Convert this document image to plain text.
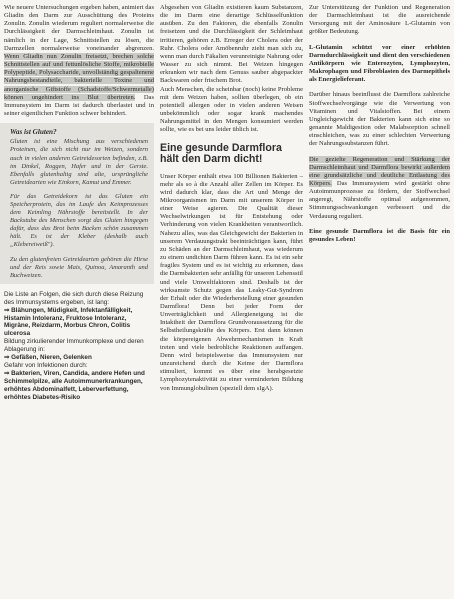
Wie neuere Untersuchungen ergeben haben, animiert das Gliadin den Darm zur Ausschüttung des Proteins Zonulin. Zonulin wiederum reguliert normalerweise die Durchlässigkeit der Darmschleimhaut. Zonulin ist nämlich in der Lage, Schnittstellen zu lösen, die Darmzellen normalerweise voneinander abgrenzen. Wenn Gliadin nun Zonulin freisetzt, brechen solche Schnittstellen auf und fettunlösliche Stoffe, mikrobielle Polypeptide, Polysaccharide, unvollständig gespaltenene Nahrungsbestandteile, bakterielle Toxine und anorganische Giftstoffe (Schadstoffe/Schwermetalle) können ungehindert ins Blut übertreten. Das Immunsystem im Darm ist dadurch überlastet und in seiner eigentlichen Funktion schwer behindert.

Was ist Gluten?

Gluten ist eine Mischung aus verschiedenen Proteinen, die sich nicht nur im Weizen, sondern auch in vielen anderen Getreidesorten befinden, z.B. im Dinkel, Roggen, Hafer und in der Gerste. Ebenfalls glutenhaltig sind alte, ursprüngliche Getreidearten wie Einkorn, Kamut und Emmer.

Für das Getreidekorn ist das Gluten ein Speicherprotein, das im Laufe des Keimprozesses dem Keimling Nährstoffe bereitstellt. In der Backstube des Menschen sorgt das Gluten hingegen dafür, dass das Brot beim Backen schön zusammen hält. Es ist der Kleber (deshalb auch „Klebereiweiß").

Zu den glutenfreien Getreidearten gehören die Hirse und der Reis sowie Mais, Quinoa, Amaranth und Buchweizen.

Die Liste an Folgen, die sich durch diese Reizung des Immunsystems ergeben, ist lang:

⇒ Blähungen, Müdigkeit, Infektanfälligkeit, Histamin Intoleranz, Fruktose Intoleranz, Migräne, Reizdarm, Morbus Chron, Colitis ulcerosa

Bildung zirkulierender Immunkomplexe und deren Ablagerung in:

⇒ Gefäßen, Nieren, Gelenken

Gefahr von Infektionen durch:

⇒ Bakterien, Viren, Candida, andere Hefen und Schimmelpilze, alle Autoimmunerkrankungen, erhöhtes Abdominalfett, Leberverfettung, erhöhtes Diabetes-Risiko

Abgesehen von Gliadin existieren kaum Substanzen, die im Darm eine derartige Schlüsselfunktion ausüben. Zu den Faktoren, die ebenfalls Zonulin freisetzen und die Durchlässigkeit der Schleimhaut irritieren, gehören z.B. Erreger der Cholera oder der Ruhr. Cholera oder Amöbenruhr zieht man sich zu, wenn man durch Fäkalien verunreinigte Nahrung oder Wasser zu sich nimmt. Bei Weizen hingegen erkranken wir nach dem Genuss sauber abgepackter Backwaren oder frischem Brot.

Auch Menschen, die scheinbar (noch) keine Probleme mit dem Weizen haben, sollten überlegen, ob ein potentiell allergen oder in vielen anderen Weisen unbekömmlich oder sogar krank machendes Nahrungsmittel in den Mengen konsumiert werden sollte, wie es bei uns leider üblich ist.

Eine gesunde Darmflora hält den Darm dicht!

Unser Körper enthält etwa 100 Billionen Bakterien – mehr als so à die Anzahl aller Zellen im Körper. Es wird dadurch klar, dass die Art und Menge der Mikroorganismen im Darm mit unserem Körper in einer Weise agieren. Die Qualität dieser Wechselwirkungen ist für Entstehung oder Verhinderung von vielen Krankheiten verantwortlich. Nahezu alles, was das Gleichgewicht der Bakterien in unserem Verdauungstrakt beeinträchtigen kann, führt zu Schäden an der Darmschleimhaut, was wiederum zu einem undichten Darm führen kann. Es ist ein sehr fragiles System und es ist wichtig zu erkennen, dass die Darmbakterien sehr anfällig für unseren Lebensstil und viele Umweltfaktoren sind. Deshalb ist der wirksamste Schutz gegen das Leaky-Gut-Syndrom der Erhalt oder die Wiederherstellung einer gesunden Darmflora! Denn bei jeder Form der Unverträglichkeit und Allergieneigung ist die Intaktheit der Darmflora Grundvoraussetzung für die Selbstheilungskräfte des Körpers. Erst dann können die körpereigenen Abwehrmechanismen in Kraft treten und viele bedrohliche Reaktionen auffangen. Denn wird beispielsweise das Immunsystem nur unzureichend durch die Keime der Darmflora stimuliert, kommt es über eine herabgesetzte Lymphozytenaktivität zu einer verminderten Bildung von Immunglobulinen (speziell dem sIgA).

Zur Unterstützung der Funktion und Regeneration der Darmschleimhaut ist die ausreichende Versorgung mit der Aminosäure L-Glutamin von größter Bedeutung.

L-Glutamin schützt vor einer erhöhten Darmdurchlässigkeit und dient den verschiedenen Antikörpern wie Enterozyten, Lymphozyten, Makrophagen und Fibroblasten des Darmepithels als Energielieferant.

Darüber hinaus beeinflusst die Darmflora zahlreiche Stoffwechselvorgänge wie die Verwertung von Vitaminen und Vitalstoffen. Bei einem Ungleichgewicht der Bakterien kann sich eine so genannte Maldigestion oder Malabsorption schnell einschleichen, was zu einer schlechten Verwertung der Nahrungssubstanzen führt.

Die gezielte Regeneration und Stärkung der Darmschleimhaut und Darmflora bewirkt außerdem eine grundsätzliche und deutliche Entlastung des Körpers. Das Immunsystem wird gestärkt ohne Autoimmunprozesse zu fördern, der Stoffwechsel angeregt, Nährstoffe optimal aufgenommen, Stimmungsschwankungen verbessert und die Verdauung reguliert.

Eine gesunde Darmflora ist die Basis für ein gesundes Leben!
